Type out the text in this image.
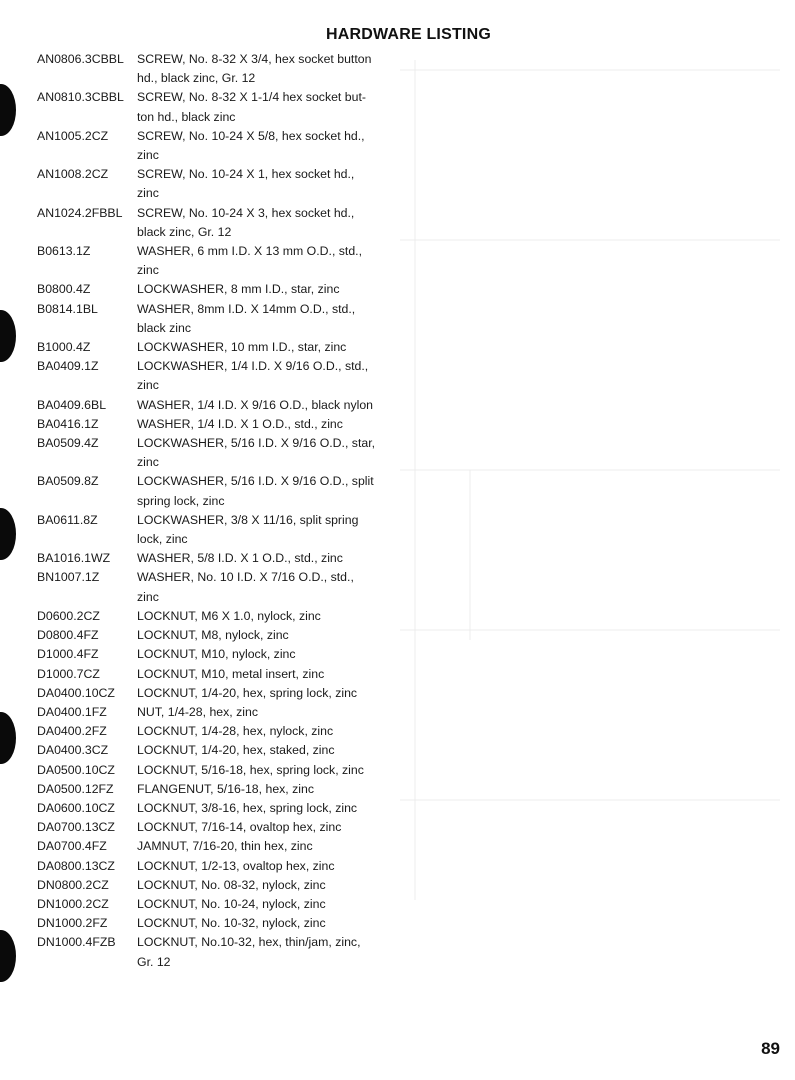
HARDWARE LISTING
AN0806.3CBBL	SCREW, No. 8-32 X 3/4, hex socket button
hd., black zinc, Gr. 12
AN0810.3CBBL	SCREW, No. 8-32 X 1-1/4 hex socket but-
ton hd., black zinc
AN1005.2CZ	SCREW, No. 10-24 X 5/8, hex socket hd.,
zinc
AN1008.2CZ	SCREW, No. 10-24 X 1, hex socket hd.,
zinc
AN1024.2FBBL	SCREW, No. 10-24 X 3, hex socket hd.,
black zinc, Gr. 12
B0613.1Z	WASHER, 6 mm I.D. X 13 mm O.D., std.,
zinc
B0800.4Z	LOCKWASHER, 8 mm I.D., star, zinc
B0814.1BL	WASHER, 8mm I.D. X 14mm O.D., std.,
black zinc
B1000.4Z	LOCKWASHER, 10 mm I.D., star, zinc
BA0409.1Z	LOCKWASHER, 1/4 I.D. X 9/16 O.D., std.,
zinc
BA0409.6BL	WASHER, 1/4 I.D. X 9/16 O.D., black nylon
BA0416.1Z	WASHER, 1/4 I.D. X 1 O.D., std., zinc
BA0509.4Z	LOCKWASHER, 5/16 I.D. X 9/16 O.D., star,
zinc
BA0509.8Z	LOCKWASHER, 5/16 I.D. X 9/16 O.D., split
spring lock, zinc
BA0611.8Z	LOCKWASHER, 3/8 X 11/16, split spring
lock, zinc
BA1016.1WZ	WASHER, 5/8 I.D. X 1 O.D., std., zinc
BN1007.1Z	WASHER, No. 10 I.D. X 7/16 O.D., std.,
zinc
D0600.2CZ	LOCKNUT, M6 X 1.0, nylock, zinc
D0800.4FZ	LOCKNUT, M8, nylock, zinc
D1000.4FZ	LOCKNUT, M10, nylock, zinc
D1000.7CZ	LOCKNUT, M10, metal insert, zinc
DA0400.10CZ	LOCKNUT, 1/4-20, hex, spring lock, zinc
DA0400.1FZ	NUT, 1/4-28, hex, zinc
DA0400.2FZ	LOCKNUT, 1/4-28, hex, nylock, zinc
DA0400.3CZ	LOCKNUT, 1/4-20, hex, staked, zinc
DA0500.10CZ	LOCKNUT, 5/16-18, hex, spring lock, zinc
DA0500.12FZ	FLANGENUT, 5/16-18, hex, zinc
DA0600.10CZ	LOCKNUT, 3/8-16, hex, spring lock, zinc
DA0700.13CZ	LOCKNUT, 7/16-14, ovaltop hex, zinc
DA0700.4FZ	JAMNUT, 7/16-20, thin hex, zinc
DA0800.13CZ	LOCKNUT, 1/2-13, ovaltop hex, zinc
DN0800.2CZ	LOCKNUT, No. 08-32, nylock, zinc
DN1000.2CZ	LOCKNUT, No. 10-24, nylock, zinc
DN1000.2FZ	LOCKNUT, No. 10-32, nylock, zinc
DN1000.4FZB	LOCKNUT, No.10-32, hex, thin/jam, zinc,
Gr. 12
89
